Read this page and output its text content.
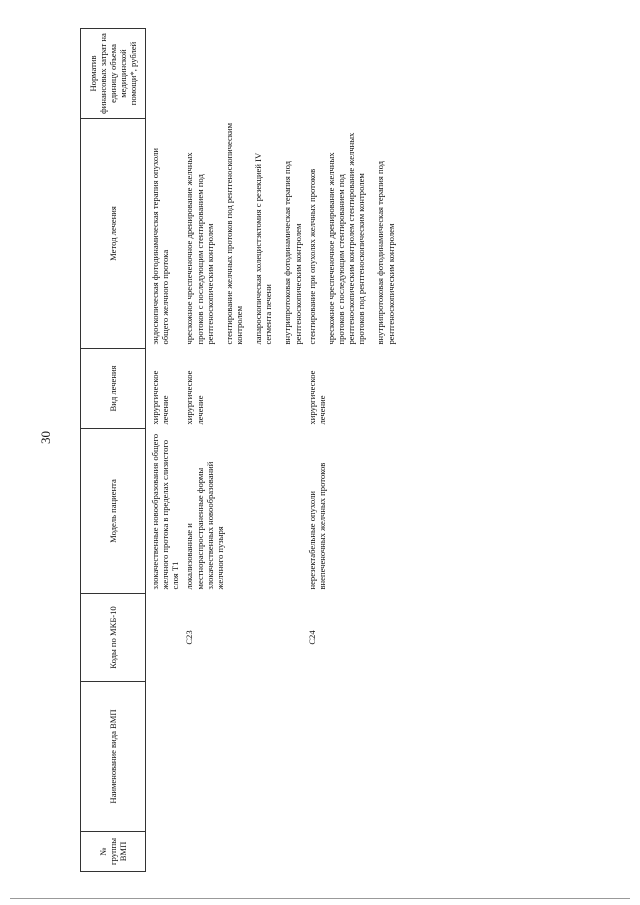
30
№ группы ВМП	Наименование вида ВМП	Коды по МКБ-10	Модель пациента	Вид лечения	Метод лечения	Норматив финансовых затрат на единицу объема медицинской помощи*, рублей
			злокачественные новообразования общего желчного протока в пределах слизистого слоя Т1	хирургическое лечение	эндоскопическая фотодинамическая терапия опухоли общего желчного протока	

		C23	локализованные и местнораспространенные формы злокачественных новообразований желчного пузыря	хирургическое лечение	чрескожное чреспеченочное дренирование желчных протоков с последующим стентированием под рентгеноскопическим контролем стентирование желчных протоков под рентгеноскопическим контролем лапароскопическая холецистэктомия с резекцией IV сегмента печени внутрипротоковая фотодинамическая терапия под рентгеноскопическим контролем	

		C24	нерезектабельные опухоли внепеченочных желчных протоков	хирургическое лечение	стентирование при опухолях желчных протоков чрескожное чреспеченочное дренирование желчных протоков с последующим стентированием под рентгеноскопическим контролем стентирование желчных протоков под рентгеноскопическим контролем внутрипротоковая фотодинамическая терапия под рентгеноскопическим контролем	
